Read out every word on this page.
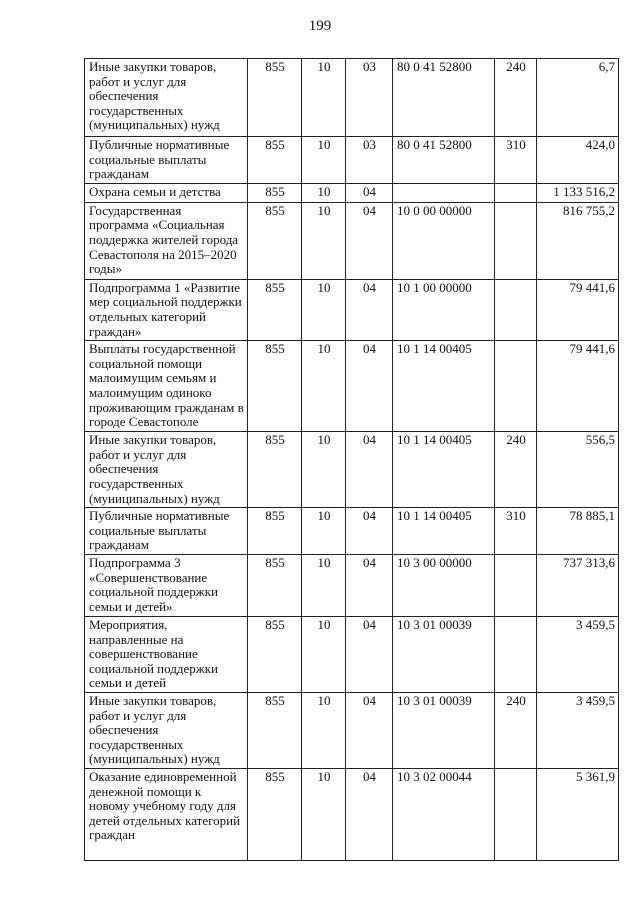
199
Иные закупки товаров, работ и услуг для обеспечения государственных (муниципальных) нужд	855	10	03	80 0 41 52800	240	6,7
Публичные нормативные социальные выплаты гражданам	855	10	03	80 0 41 52800	310	424,0
Охрана семьи и детства	855	10	04			1 133 516,2
Государственная программа «Социальная поддержка жителей города Севастополя на 2015–2020 годы»	855	10	04	10 0 00 00000		816 755,2
Подпрограмма 1 «Развитие мер социальной поддержки отдельных категорий граждан»	855	10	04	10 1 00 00000		79 441,6
Выплаты государственной социальной помощи малоимущим семьям и малоимущим одиноко проживающим гражданам в городе Севастополе	855	10	04	10 1 14 00405		79 441,6
Иные закупки товаров, работ и услуг для обеспечения государственных (муниципальных) нужд	855	10	04	10 1 14 00405	240	556,5
Публичные нормативные социальные выплаты гражданам	855	10	04	10 1 14 00405	310	78 885,1
Подпрограмма 3 «Совершенствование социальной поддержки семьи и детей»	855	10	04	10 3 00 00000		737 313,6
Мероприятия, направленные на совершенствование социальной поддержки семьи и детей	855	10	04	10 3 01 00039		3 459,5
Иные закупки товаров, работ и услуг для обеспечения государственных (муниципальных) нужд	855	10	04	10 3 01 00039	240	3 459,5
Оказание единовременной денежной помощи к новому учебному году для детей отдельных категорий граждан	855	10	04	10 3 02 00044		5 361,9
